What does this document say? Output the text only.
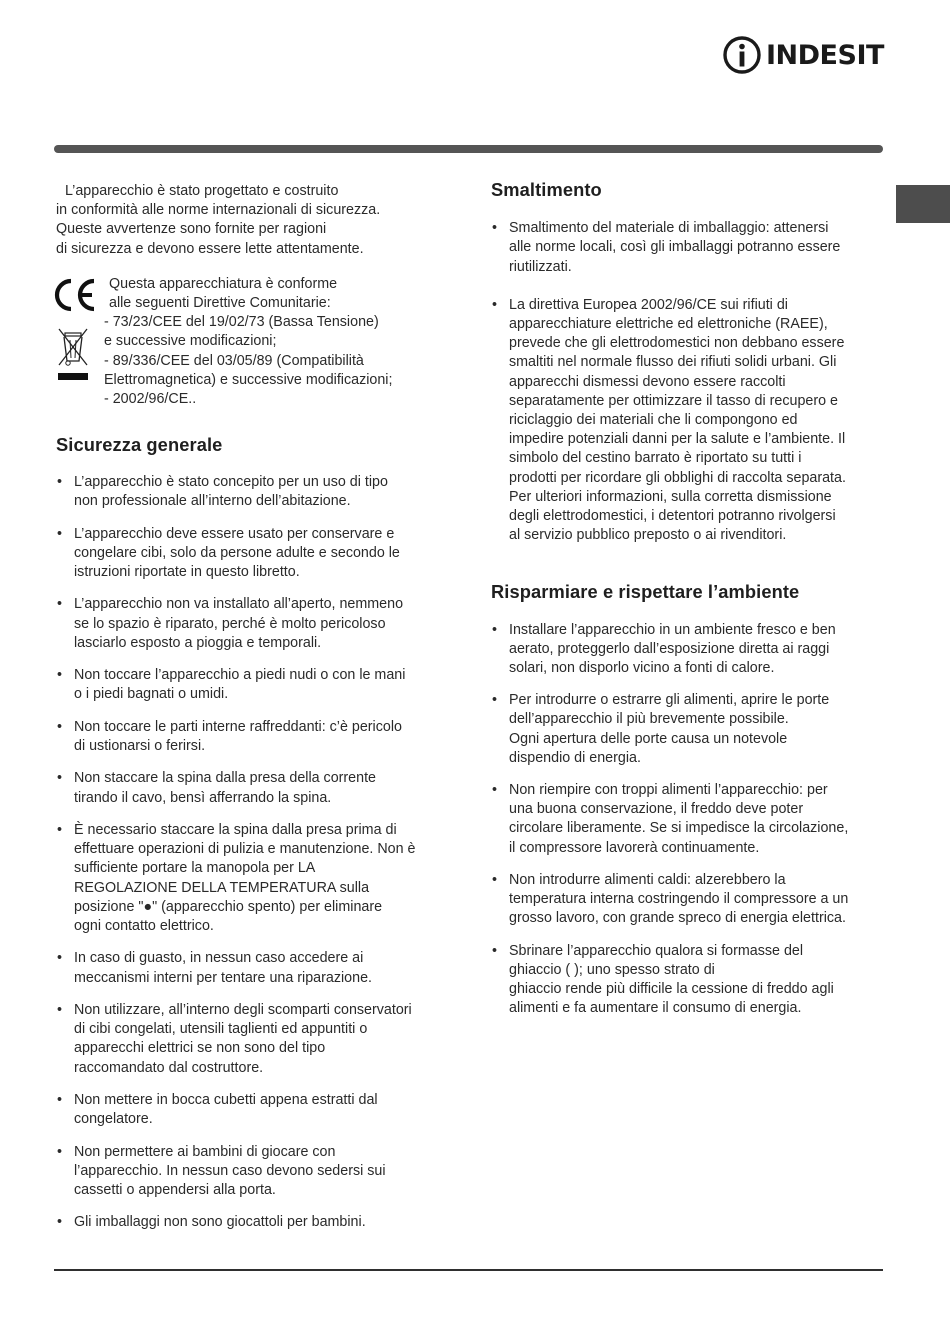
INDESIT

L’apparecchio è stato progettato e costruito

in conformità alle norme internazionali di sicurezza.

Queste avvertenze sono fornite per ragioni

di sicurezza e devono essere lette attentamente.

Questa apparecchiatura è conforme

alle seguenti Direttive Comunitarie:

- 73/23/CEE del 19/02/73 (Bassa Tensione)

e successive modificazioni;

- 89/336/CEE del 03/05/89 (Compatibilità

Elettromagnetica) e successive modificazioni;

- 2002/96/CE..

Sicurezza generale
• L’apparecchio è stato concepito per un uso di tipo
non professionale all’interno dell’abitazione.
• L’apparecchio deve essere usato per conservare e
congelare cibi, solo da persone adulte e secondo le
istruzioni riportate in questo libretto.
• L’apparecchio non va installato all’aperto, nemmeno
se lo spazio è riparato, perché è molto pericoloso
lasciarlo esposto a pioggia e temporali.
• Non toccare l’apparecchio a piedi nudi o con le mani
o i piedi bagnati o umidi.
• Non toccare le parti interne raffreddanti: c’è pericolo
di ustionarsi o ferirsi.
• Non staccare la spina dalla presa della corrente
tirando il cavo, bensì afferrando la spina.
• È necessario staccare la spina dalla presa prima di
effettuare operazioni di pulizia e manutenzione. Non è
sufficiente portare la manopola per LA
REGOLAZIONE DELLA TEMPERATURA sulla
posizione "●" (apparecchio spento) per eliminare
ogni contatto elettrico.
• In caso di guasto, in nessun caso accedere ai
meccanismi interni per tentare una riparazione.
• Non utilizzare, all’interno degli scomparti conservatori
di cibi congelati, utensili taglienti ed appuntiti o
apparecchi elettrici se non sono del tipo
raccomandato dal costruttore.
• Non mettere in bocca cubetti appena estratti dal
congelatore.
• Non permettere ai bambini di giocare con
l’apparecchio. In nessun caso devono sedersi sui
cassetti o appendersi alla porta.
• Gli imballaggi non sono giocattoli per bambini.
Smaltimento
• Smaltimento del materiale di imballaggio: attenersi
alle norme locali, così gli imballaggi potranno essere
riutilizzati.
• La direttiva Europea 2002/96/CE sui rifiuti di
apparecchiature elettriche ed elettroniche (RAEE),
prevede che gli elettrodomestici non debbano essere
smaltiti nel normale flusso dei rifiuti solidi urbani. Gli
apparecchi dismessi devono essere raccolti
separatamente per ottimizzare il tasso di recupero e
riciclaggio dei materiali che li compongono ed
impedire potenziali danni per la salute e l’ambiente. Il
simbolo del cestino barrato è riportato su tutti i
prodotti per ricordare gli obblighi di raccolta separata.
Per ulteriori informazioni, sulla corretta dismissione
degli elettrodomestici, i detentori potranno rivolgersi
al servizio pubblico preposto o ai rivenditori.
Risparmiare e rispettare l’ambiente
• Installare l’apparecchio in un ambiente fresco e ben
aerato, proteggerlo dall’esposizione diretta ai raggi
solari, non disporlo vicino a fonti di calore.
• Per introdurre o estrarre gli alimenti, aprire le porte
dell’apparecchio il più brevemente possibile.
Ogni apertura delle porte causa un notevole
dispendio di energia.
• Non riempire con troppi alimenti l’apparecchio: per
una buona conservazione, il freddo deve poter
circolare liberamente. Se si impedisce la circolazione,
il compressore lavorerà continuamente.
• Non introdurre alimenti caldi: alzerebbero la
temperatura interna costringendo il compressore a un
grosso lavoro, con grande spreco di energia elettrica.
• Sbrinare l’apparecchio qualora si formasse del
ghiaccio ( ); uno spesso strato di
ghiaccio rende più difficile la cessione di freddo agli
alimenti e fa aumentare il consumo di energia.
